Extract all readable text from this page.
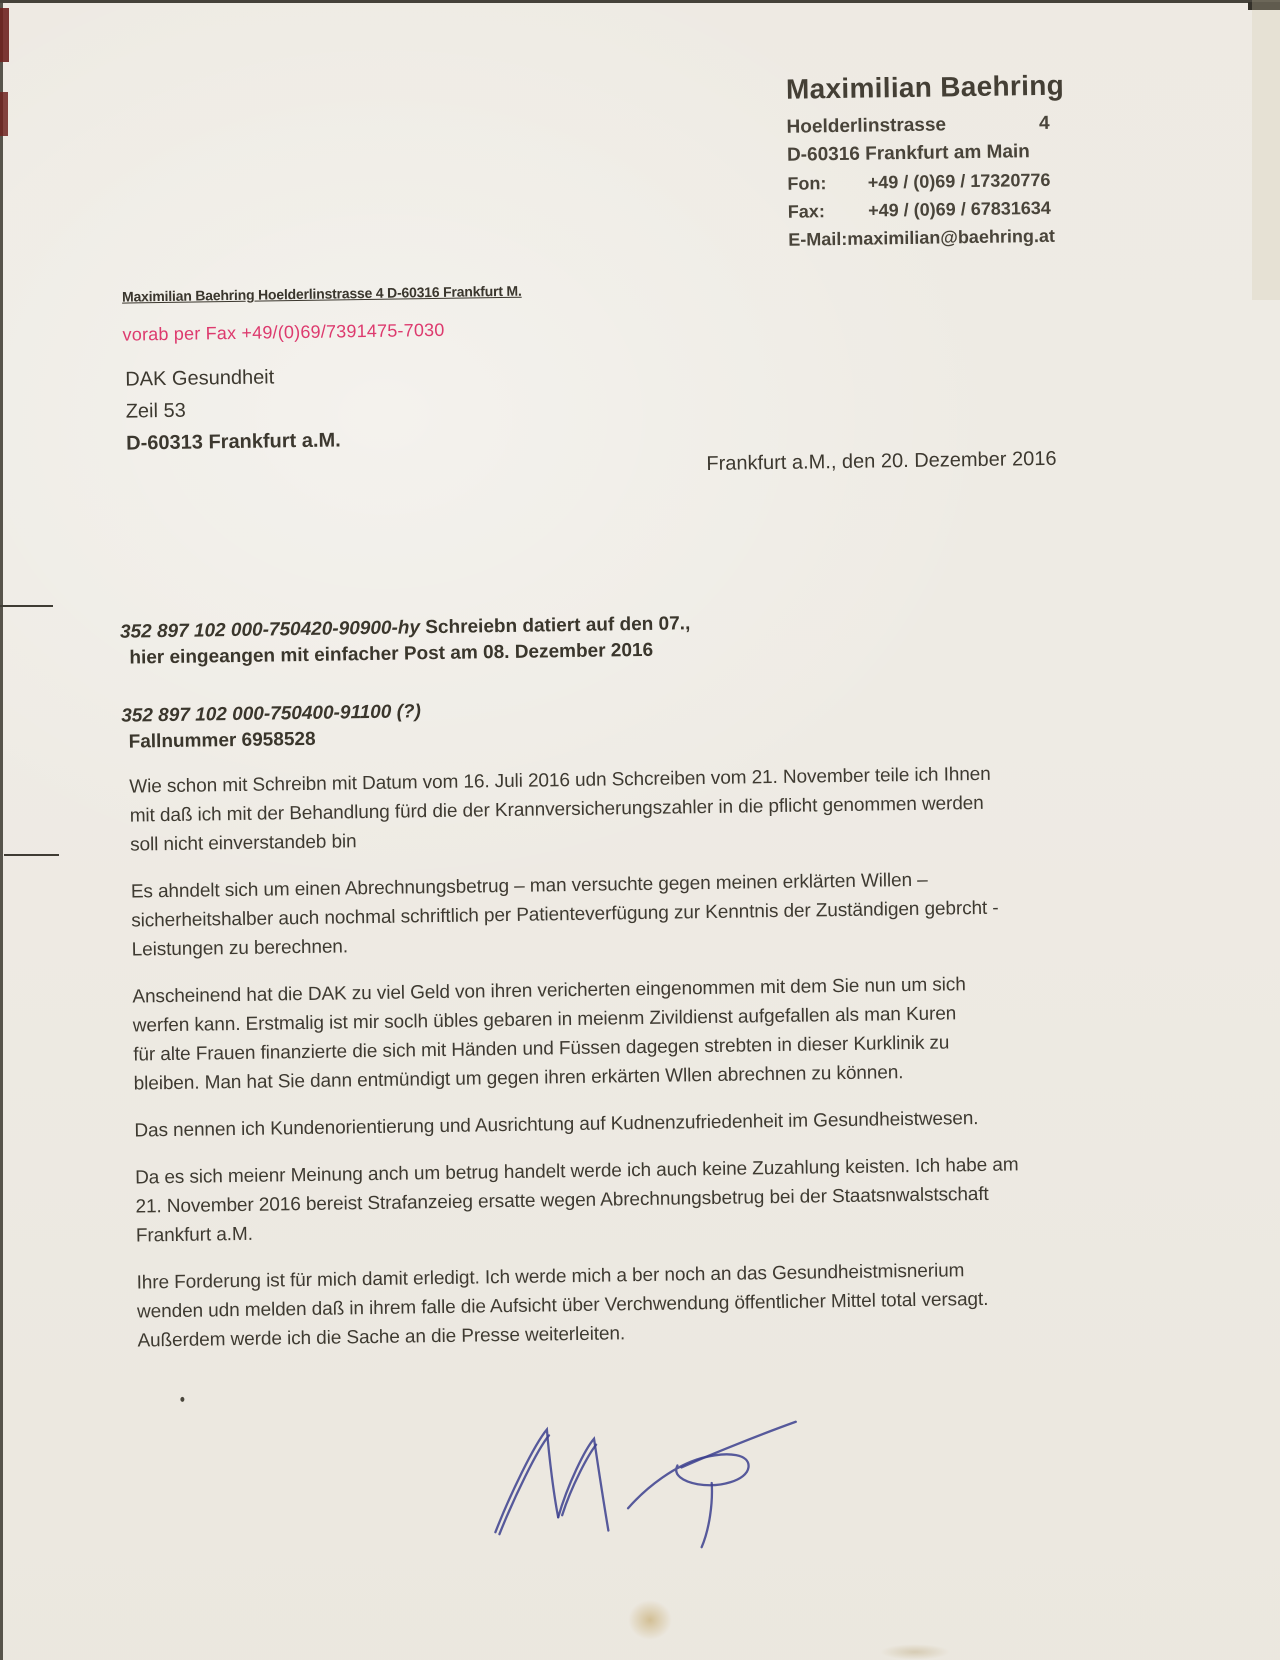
Maximilian Baehring
Hoelderlinstrasse	4
D-60316 Frankfurt am Main
Fon: +49 / (0)69 / 17320776
Fax: +49 / (0)69 / 67831634
E-Mail: maximilian@baehring.at
Maximilian Baehring Hoelderlinstrasse 4 D-60316 Frankfurt M.
vorab per Fax +49/(0)69/7391475-7030
DAK Gesundheit
Zeil 53
D-60313 Frankfurt a.M.
Frankfurt a.M., den 20. Dezember 2016
352 897 102 000-750420-90900-hy Schreiebn datiert auf den 07.,
hier eingeangen mit einfacher Post am 08. Dezember 2016
352 897 102 000-750400-91100 (?)
Fallnummer 6958528

Wie schon mit Schreibn mit Datum vom 16. Juli 2016 udn Schcreiben vom 21. November teile ich Ihnen
mit daß ich mit der Behandlung fürd die der Krannversicherungszahler in die pflicht genommen werden
soll nicht einverstandeb bin

Es ahndelt sich um einen Abrechnungsbetrug – man versuchte gegen meinen erklärten Willen –
sicherheitshalber auch nochmal schriftlich per Patienteverfügung zur Kenntnis der Zuständigen gebrcht -
Leistungen zu berechnen.

Anscheinend hat die DAK zu viel Geld von ihren vericherten eingenommen mit dem Sie nun um sich
werfen kann. Erstmalig ist mir soclh übles gebaren in meienm Zivildienst aufgefallen als man Kuren
für alte Frauen finanzierte die sich mit Händen und Füssen dagegen strebten in dieser Kurklinik zu
bleiben. Man hat Sie dann entmündigt um gegen ihren erkärten Wllen abrechnen zu können.

Das nennen ich Kundenorientierung und Ausrichtung auf Kudnenzufriedenheit im Gesundheistwesen.

Da es sich meienr Meinung anch um betrug handelt werde ich auch keine Zuzahlung keisten. Ich habe am
21. November 2016 bereist Strafanzeieg ersatte wegen Abrechnungsbetrug bei der Staatsnwalstschaft
Frankfurt a.M.

Ihre Forderung ist für mich damit erledigt. Ich werde mich a ber noch an das Gesundheistmisnerium
wenden udn melden daß in ihrem falle die Aufsicht über Verchwendung öffentlicher Mittel total versagt.
Außerdem werde ich die Sache an die Presse weiterleiten.
